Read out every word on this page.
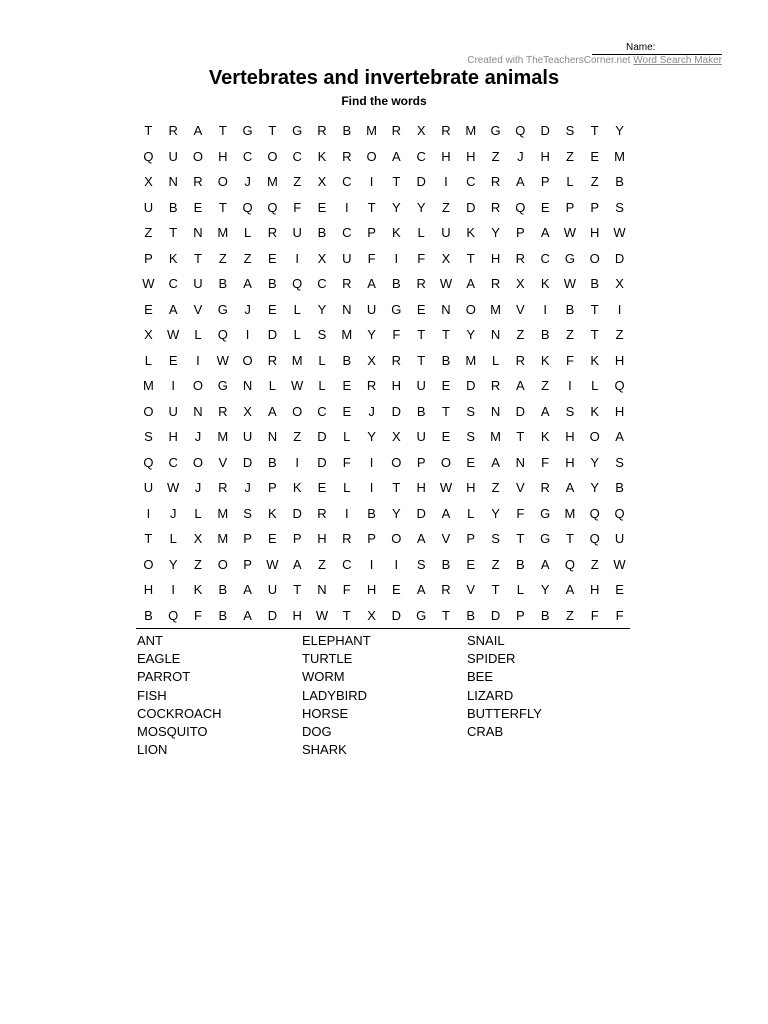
Name:
Created with TheTeachersCorner.net Word Search Maker
Vertebrates and invertebrate animals
Find the words
T	R	A	T	G	T	G	R	B	M	R	X	R	M	G	Q	D	S	T	Y
Q	U	O	H	C	O	C	K	R	O	A	C	H	H	Z	J	H	Z	E	M
X	N	R	O	J	M	Z	X	C	I	T	D	I	C	R	A	P	L	Z	B
U	B	E	T	Q	Q	F	E	I	T	Y	Y	Z	D	R	Q	E	P	P	S
Z	T	N	M	L	R	U	B	C	P	K	L	U	K	Y	P	A	W	H	W
P	K	T	Z	Z	E	I	X	U	F	I	F	X	T	H	R	C	G	O	D
W	C	U	B	A	B	Q	C	R	A	B	R	W	A	R	X	K	W	B	X
E	A	V	G	J	E	L	Y	N	U	G	E	N	O	M	V	I	B	T	I
X	W	L	Q	I	D	L	S	M	Y	F	T	T	Y	N	Z	B	Z	T	Z
L	E	I	W	O	R	M	L	B	X	R	T	B	M	L	R	K	F	K	H
M	I	O	G	N	L	W	L	E	R	H	U	E	D	R	A	Z	I	L	Q
O	U	N	R	X	A	O	C	E	J	D	B	T	S	N	D	A	S	K	H
S	H	J	M	U	N	Z	D	L	Y	X	U	E	S	M	T	K	H	O	A
Q	C	O	V	D	B	I	D	F	I	O	P	O	E	A	N	F	H	Y	S
U	W	J	R	J	P	K	E	L	I	T	H	W	H	Z	V	R	A	Y	B
I	J	L	M	S	K	D	R	I	B	Y	D	A	L	Y	F	G	M	Q	Q
T	L	X	M	P	E	P	H	R	P	O	A	V	P	S	T	G	T	Q	U
O	Y	Z	O	P	W	A	Z	C	I	I	S	B	E	Z	B	A	Q	Z	W
H	I	K	B	A	U	T	N	F	H	E	A	R	V	T	L	Y	A	H	E
B	Q	F	B	A	D	H	W	T	X	D	G	T	B	D	P	B	Z	F	F
ANT
EAGLE
PARROT
FISH
COCKROACH
MOSQUITO
LION
ELEPHANT
TURTLE
WORM
LADYBIRD
HORSE
DOG
SHARK
SNAIL
SPIDER
BEE
LIZARD
BUTTERFLY
CRAB
